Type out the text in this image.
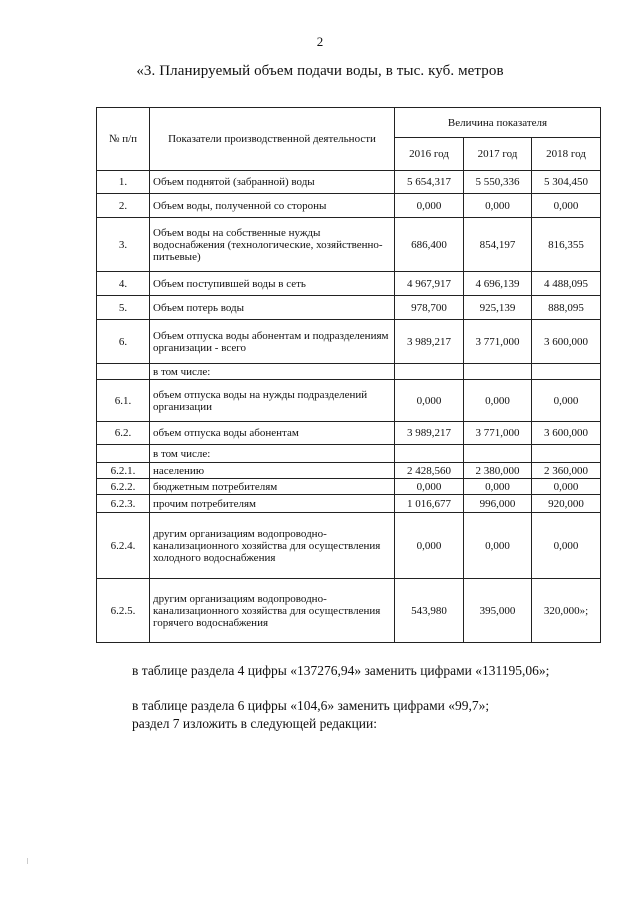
2
«3. Планируемый объем подачи воды, в тыс. куб. метров
№ п/п	Показатели производственной деятельности	Величина показателя		
		2016 год	2017 год	2018 год
1.	Объем поднятой (забранной) воды	5 654,317	5 550,336	5 304,450
2.	Объем воды, полученной со стороны	0,000	0,000	0,000
3.	Объем воды на собственные нужды водоснабжения (технологические, хозяйственно-питьевые)	686,400	854,197	816,355
4.	Объем поступившей воды в сеть	4 967,917	4 696,139	4 488,095
5.	Объем потерь воды	978,700	925,139	888,095
6.	Объем отпуска воды абонентам и подразделениям организации - всего	3 989,217	3 771,000	3 600,000
	в том числе:			
6.1.	объем отпуска воды на нужды подразделений организации	0,000	0,000	0,000
6.2.	объем отпуска воды абонентам	3 989,217	3 771,000	3 600,000
	в том числе:			
6.2.1.	населению	2 428,560	2 380,000	2 360,000
6.2.2.	бюджетным потребителям	0,000	0,000	0,000
6.2.3.	прочим потребителям	1 016,677	996,000	920,000
6.2.4.	другим организациям водопроводно-канализационного хозяйства для осуществления холодного водоснабжения	0,000	0,000	0,000
6.2.5.	другим организациям водопроводно-канализационного хозяйства для осуществления горячего водоснабжения	543,980	395,000	320,000»;
в таблице раздела 4 цифры «137276,94» заменить цифрами «131195,06»;
в таблице раздела 6 цифры «104,6» заменить цифрами «99,7»;
раздел 7 изложить в следующей редакции:
